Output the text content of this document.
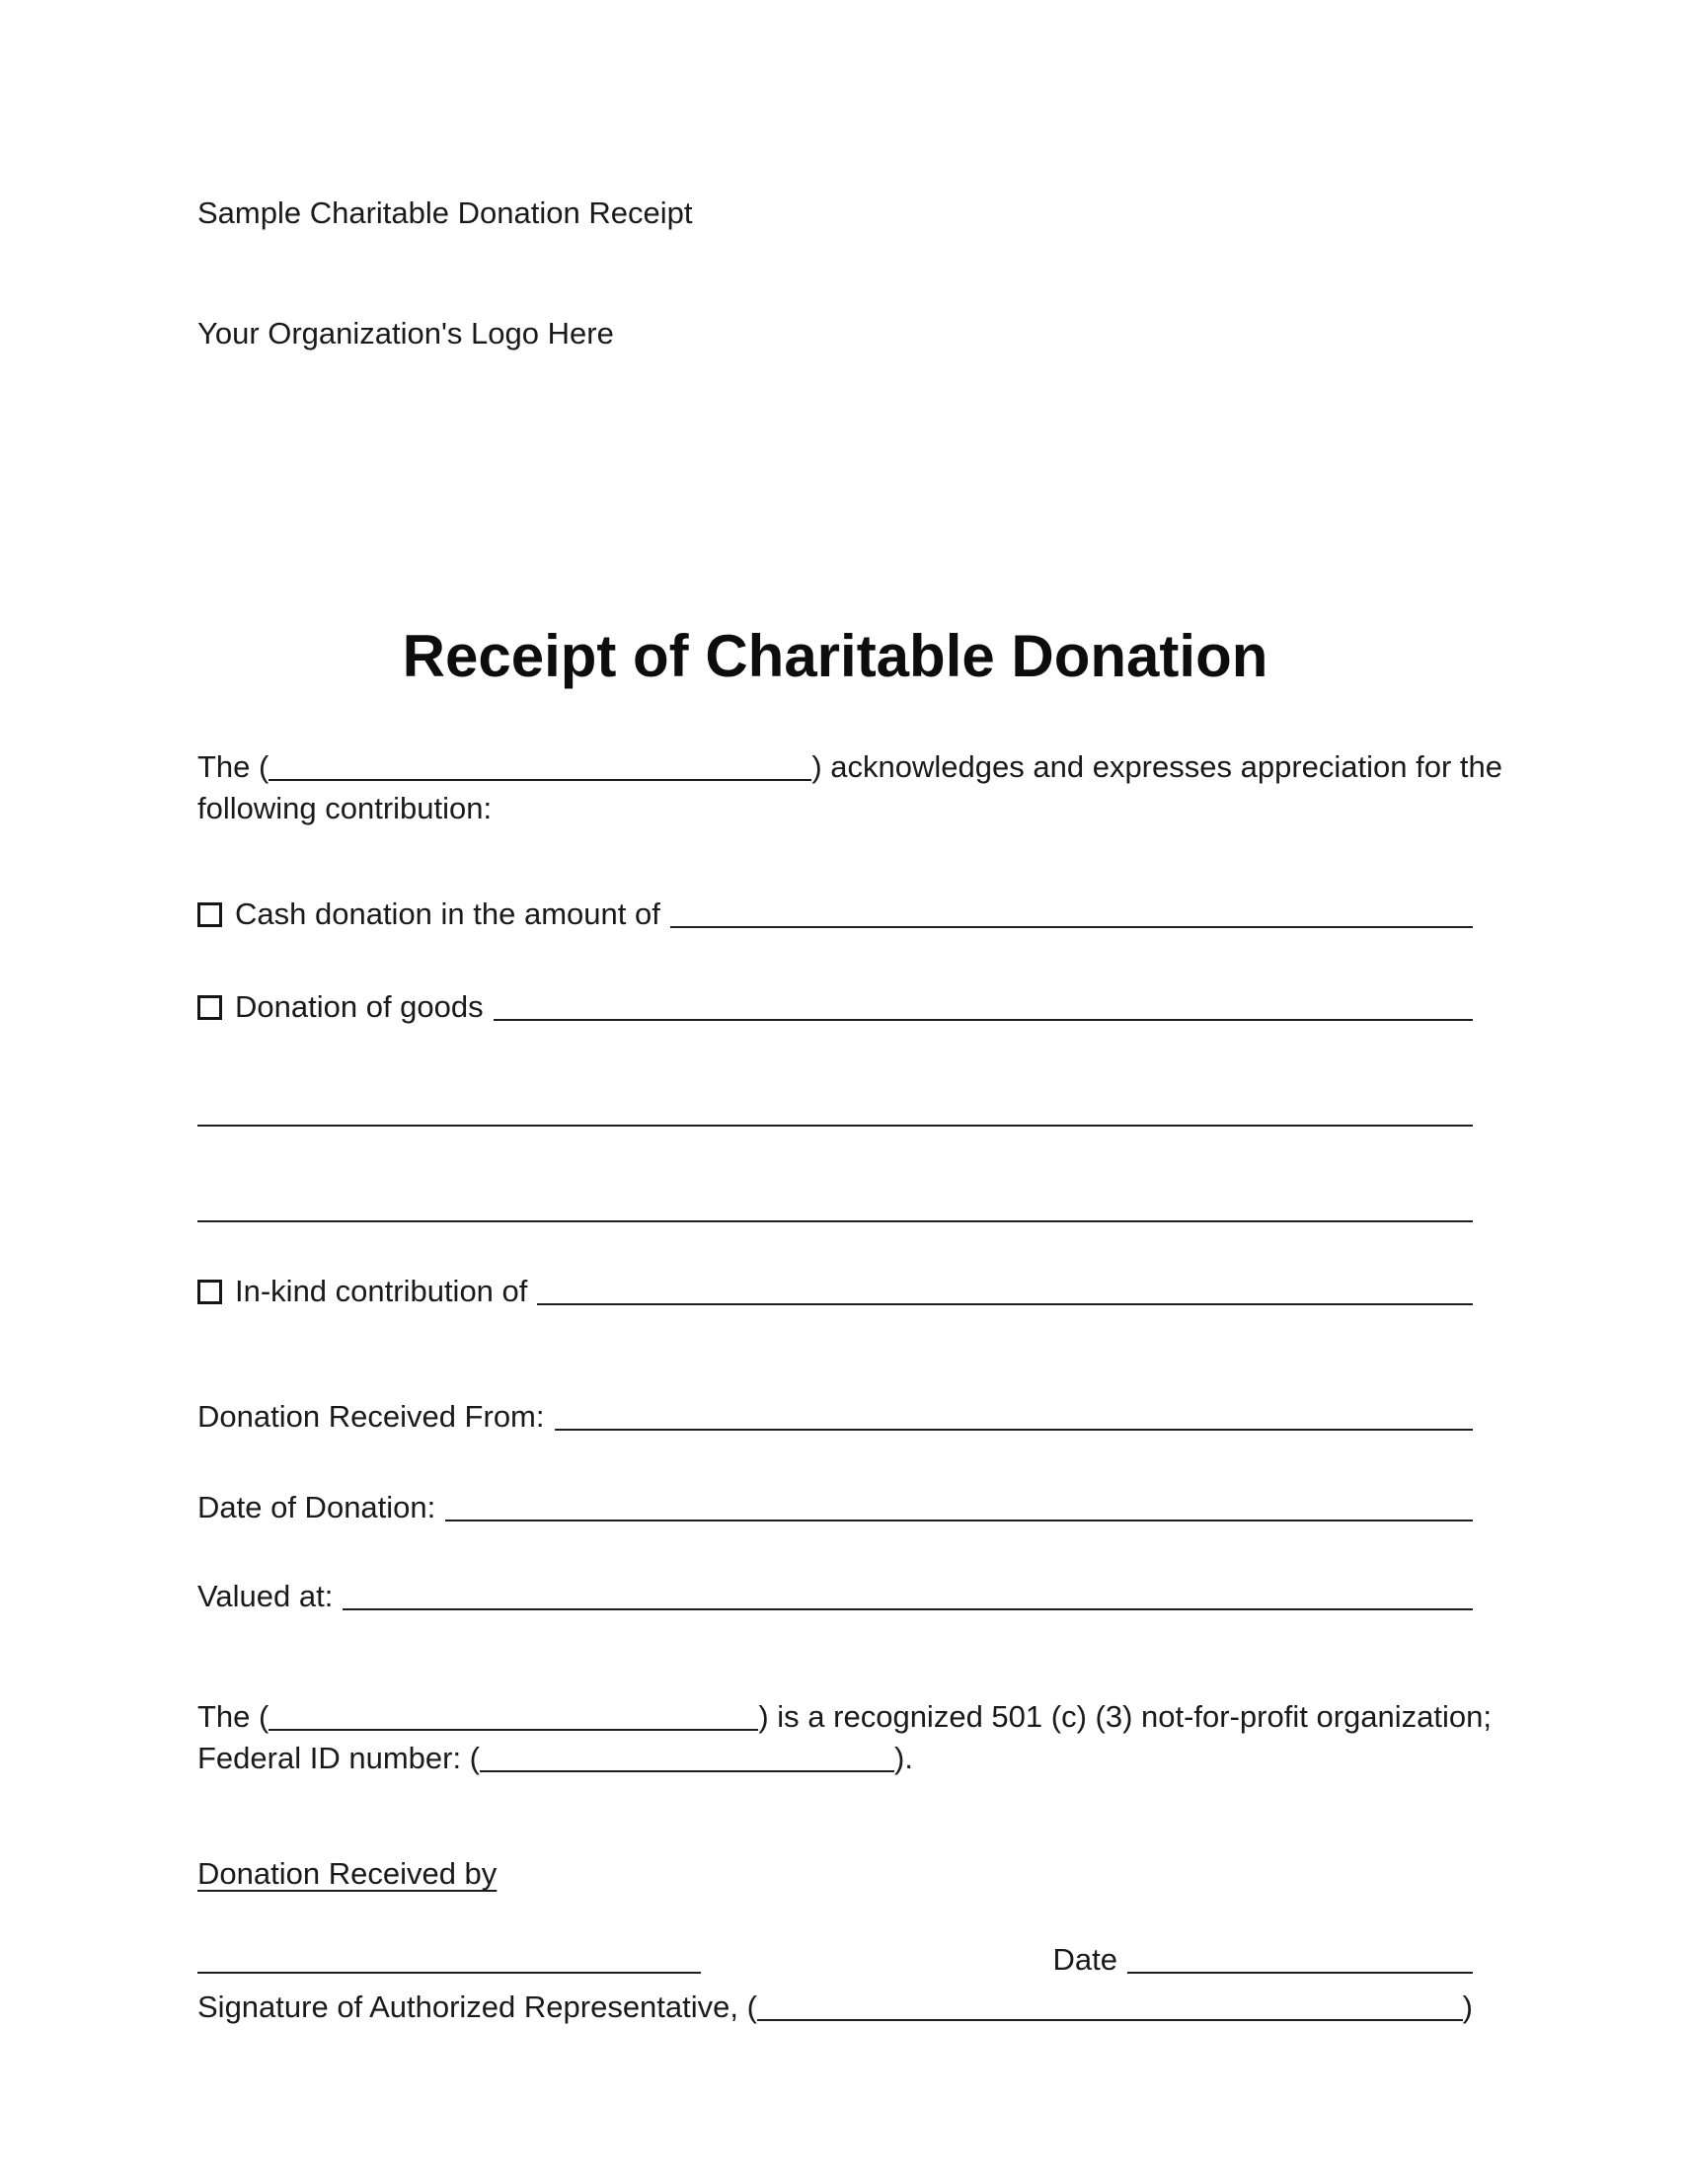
Sample Charitable Donation Receipt
Your Organization's Logo Here
Receipt of Charitable Donation
The (	) acknowledges and expresses appreciation for the
following contribution:
Cash donation in the amount of
Donation of goods
In-kind contribution of
Donation Received From:
Date of Donation:
Valued at:
The (	) is a recognized 501 (c) (3) not-for-profit organization;
Federal ID number: (	).
Donation Received by
Date
Signature of Authorized Representative, (	)
